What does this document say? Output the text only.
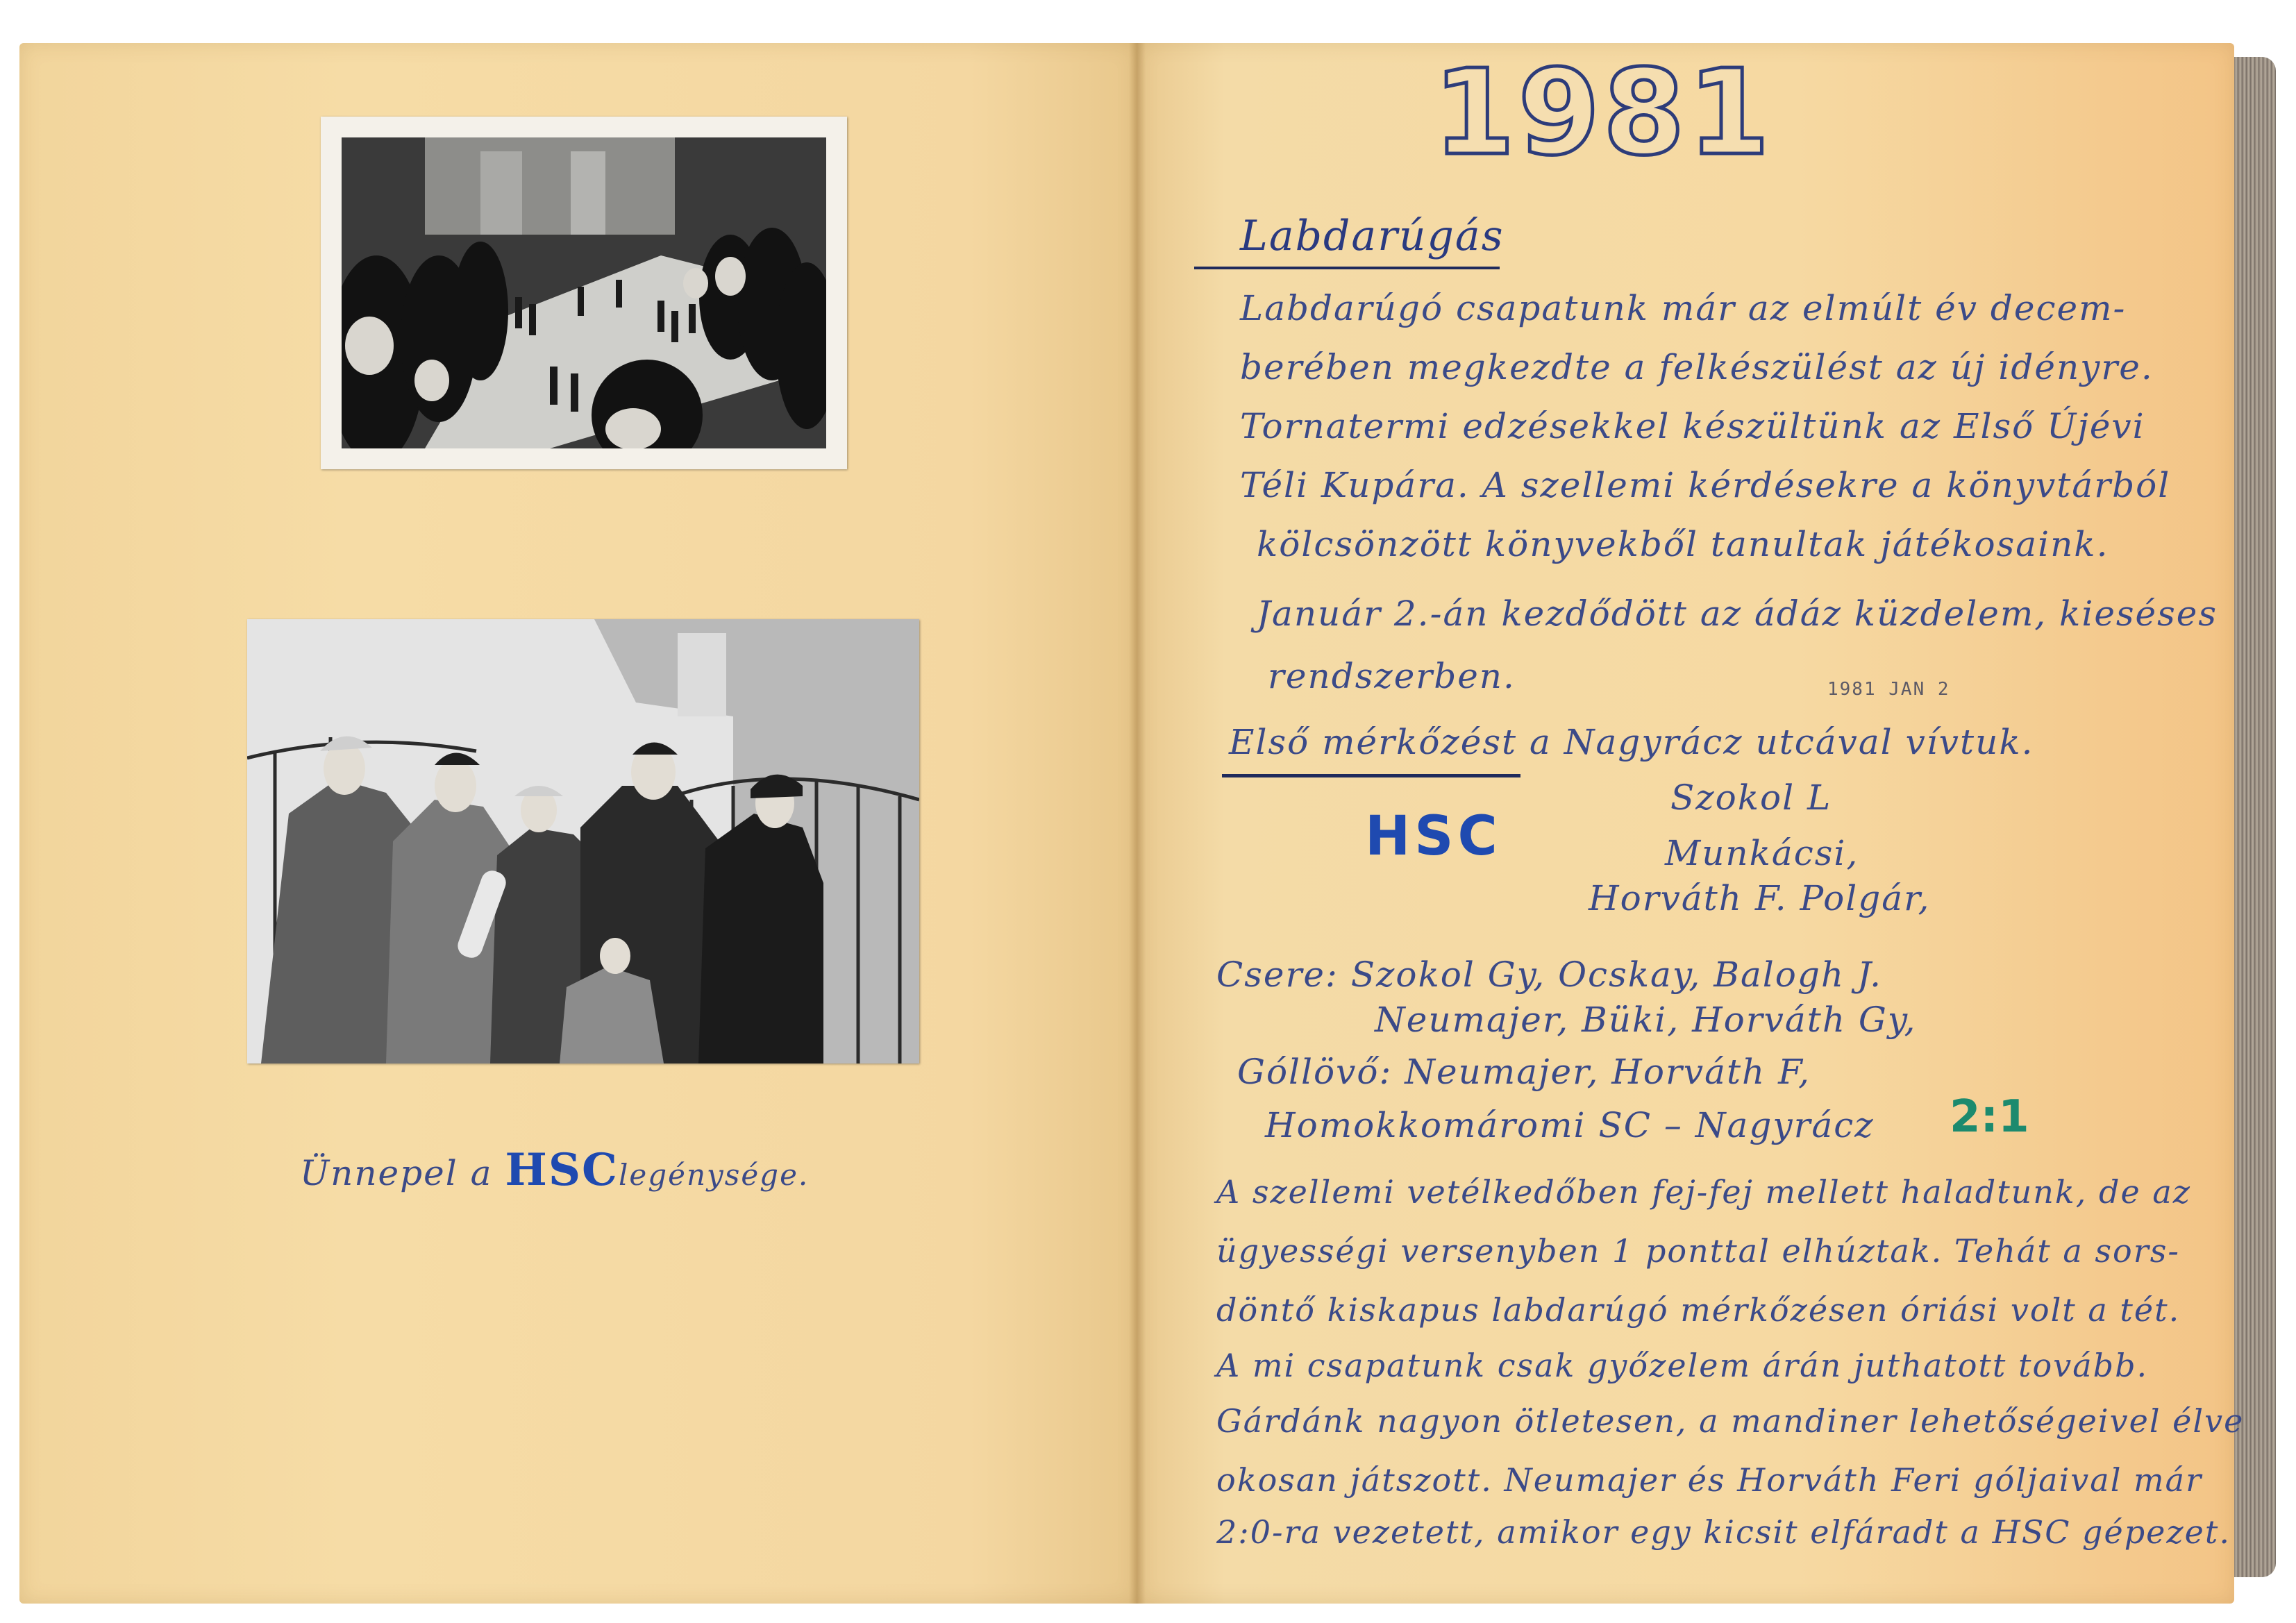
Ünnepel a HSClegénysége.
1981
Labdarúgás
Labdarúgó csapatunk már az elmúlt év decem-
berében megkezdte a felkészülést az új idényre.
Tornatermi edzésekkel készültünk az Első Újévi
Téli Kupára. A szellemi kérdésekre a könyvtárból
kölcsönzött könyvekből tanultak játékosaink.
Január 2.-án kezdődött az ádáz küzdelem, kieséses
rendszerben.	1981 JAN 2
Első mérkőzést a Nagyrácz utcával vívtuk.
HSC
Szokol L
Munkácsi,
Horváth F. Polgár,
Csere: Szokol Gy, Ocskay, Balogh J.
Neumajer, Büki, Horváth Gy,
Góllövő: Neumajer, Horváth F,
Homokkomáromi SC – Nagyrácz 2:1
A szellemi vetélkedőben fej-fej mellett haladtunk, de az
ügyességi versenyben 1 ponttal elhúztak. Tehát a sors-
döntő kiskapus labdarúgó mérkőzésen óriási volt a tét.
A mi csapatunk csak győzelem árán juthatott tovább.
Gárdánk nagyon ötletesen, a mandiner lehetőségeivel élve
okosan játszott. Neumajer és Horváth Feri góljaival már
2:0-ra vezetett, amikor egy kicsit elfáradt a HSC gépezet.
